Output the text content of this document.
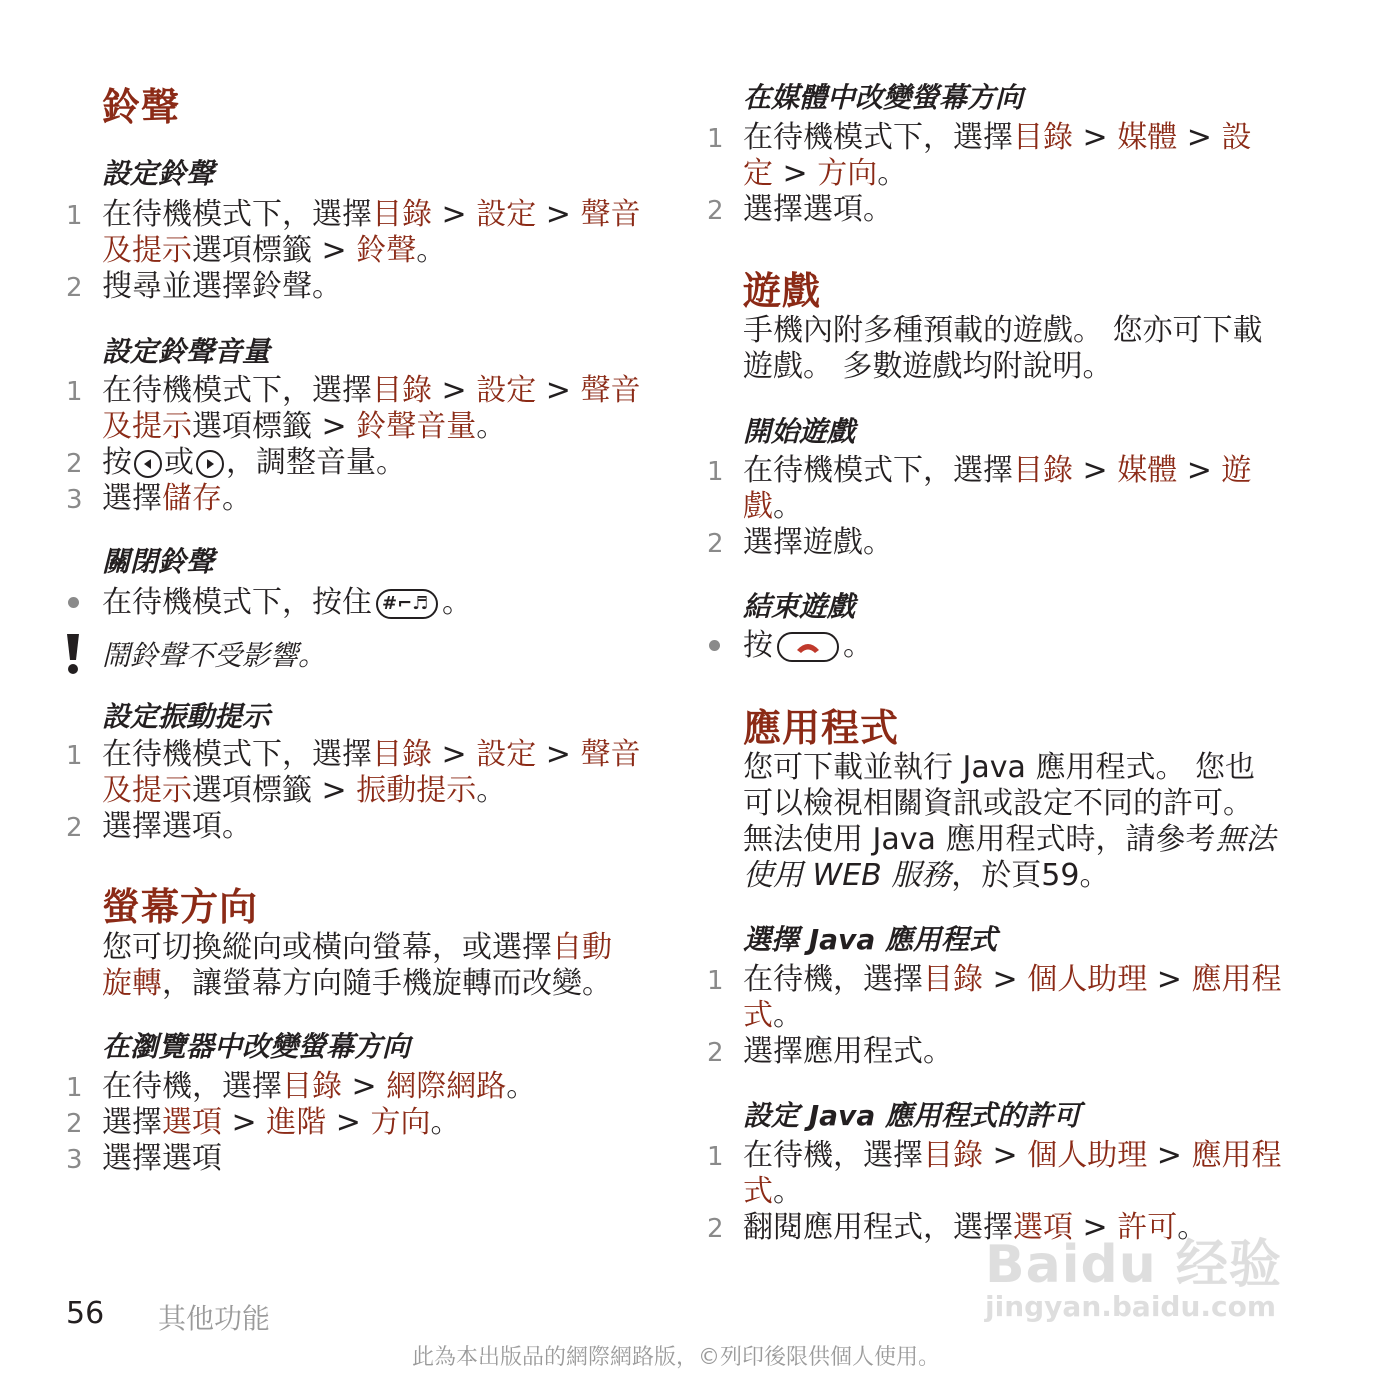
鈴聲
設定鈴聲
1 在待機模式下，選擇目錄 > 設定 > 聲音
及提示選項標籤 > 鈴聲。
2 搜尋並選擇鈴聲。
設定鈴聲音量
1 在待機模式下，選擇目錄 > 設定 > 聲音
及提示選項標籤 > 鈴聲音量。
2 按 或 ，調整音量。
3 選擇儲存。
關閉鈴聲
在待機模式下，按住 #⌐♬ 。
鬧鈴聲不受影響。
設定振動提示
1 在待機模式下，選擇目錄 > 設定 > 聲音
及提示選項標籤 > 振動提示。
2 選擇選項。
螢幕方向
您可切換縱向或橫向螢幕，或選擇自動
旋轉，讓螢幕方向隨手機旋轉而改變。
在瀏覽器中改變螢幕方向
1 在待機，選擇目錄 > 網際網路。
2 選擇選項 > 進階 > 方向。
3 選擇選項
在媒體中改變螢幕方向
1 在待機模式下，選擇目錄 > 媒體 > 設
定 > 方向。
2 選擇選項。
遊戲
手機內附多種預載的遊戲。 您亦可下載
遊戲。 多數遊戲均附說明。
開始遊戲
1 在待機模式下，選擇目錄 > 媒體 > 遊
戲。
2 選擇遊戲。
結束遊戲
按 。
應用程式
您可下載並執行 Java 應用程式。 您也
可以檢視相關資訊或設定不同的許可。
無法使用 Java 應用程式時，請參考無法
使用 WEB 服務，於頁59。
選擇 Java 應用程式
1 在待機，選擇目錄 > 個人助理 > 應用程
式。
2 選擇應用程式。
設定 Java 應用程式的許可
1 在待機，選擇目錄 > 個人助理 > 應用程
式。
2 翻閱應用程式，選擇選項 > 許可。
Baidu 经验
jingyan.baidu.com
56 其他功能
此為本出版品的網際網路版，©列印後限供個人使用。
